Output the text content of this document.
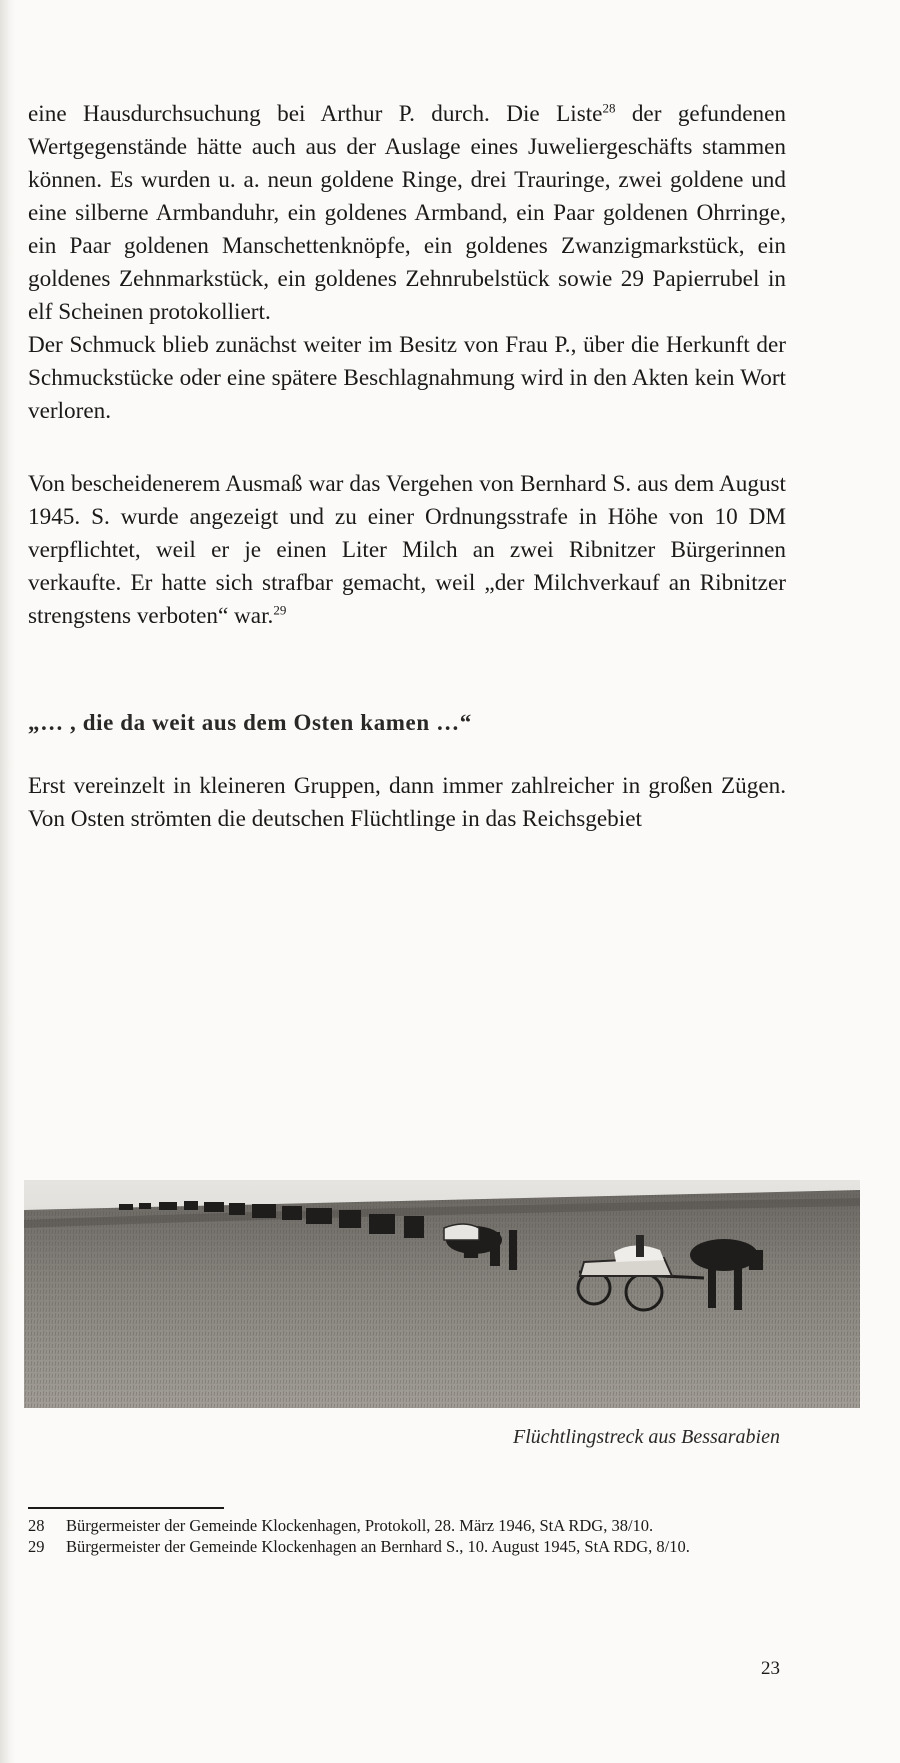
eine Hausdurchsuchung bei Arthur P. durch. Die Liste$^{28}$ der gefundenen Wertgegenstände hätte auch aus der Auslage eines Juweliergeschäfts stammen können. Es wurden u. a. neun goldene Ringe, drei Trauringe, zwei goldene und eine silberne Armbanduhr, ein goldenes Armband, ein Paar goldenen Ohrringe, ein Paar goldenen Manschettenknöpfe, ein goldenes Zwanzigmarkstück, ein goldenes Zehnmarkstück, ein goldenes Zehnrubelstück sowie 29 Papierrubel in elf Scheinen protokolliert.

Der Schmuck blieb zunächst weiter im Besitz von Frau P., über die Herkunft der Schmuckstücke oder eine spätere Beschlagnahmung wird in den Akten kein Wort verloren.

Von bescheidenerem Ausmaß war das Vergehen von Bernhard S. aus dem August 1945. S. wurde angezeigt und zu einer Ordnungsstrafe in Höhe von 10 DM verpflichtet, weil er je einen Liter Milch an zwei Ribnitzer Bürgerinnen verkaufte. Er hatte sich strafbar gemacht, weil „der Milchverkauf an Ribnitzer strengstens verboten“ war.$^{29}$

„… , die da weit aus dem Osten kamen …“

Erst vereinzelt in kleineren Gruppen, dann immer zahlreicher in großen Zügen. Von Osten strömten die deutschen Flüchtlinge in das Reichsgebiet

Flüchtlingstreck aus Bessarabien

28	Bürgermeister der Gemeinde Klockenhagen, Protokoll, 28. März 1946, StA RDG, 38/10.
29	Bürgermeister der Gemeinde Klockenhagen an Bernhard S., 10. August 1945, StA RDG, 8/10.

23
